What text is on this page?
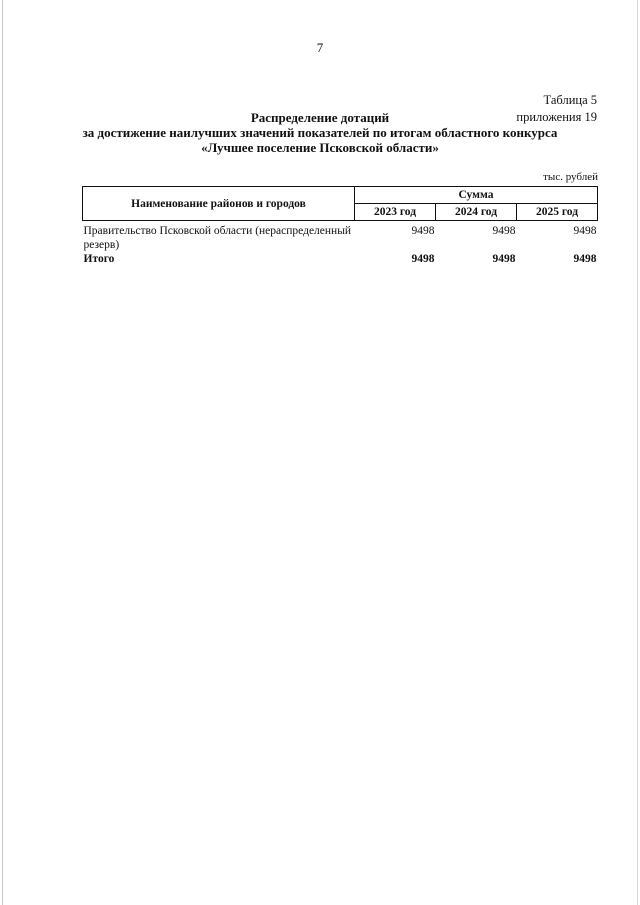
7
Таблица 5
приложения 19
Распределение дотаций
за достижение наилучших значений показателей по итогам областного конкурса
«Лучшее поселение Псковской области»
тыс. рублей
Наименование районов и городов	Сумма		
	2023 год	2024 год	2025 год
Правительство Псковской области (нераспределенный резерв)	9498	9498	9498
Итого	9498	9498	9498
